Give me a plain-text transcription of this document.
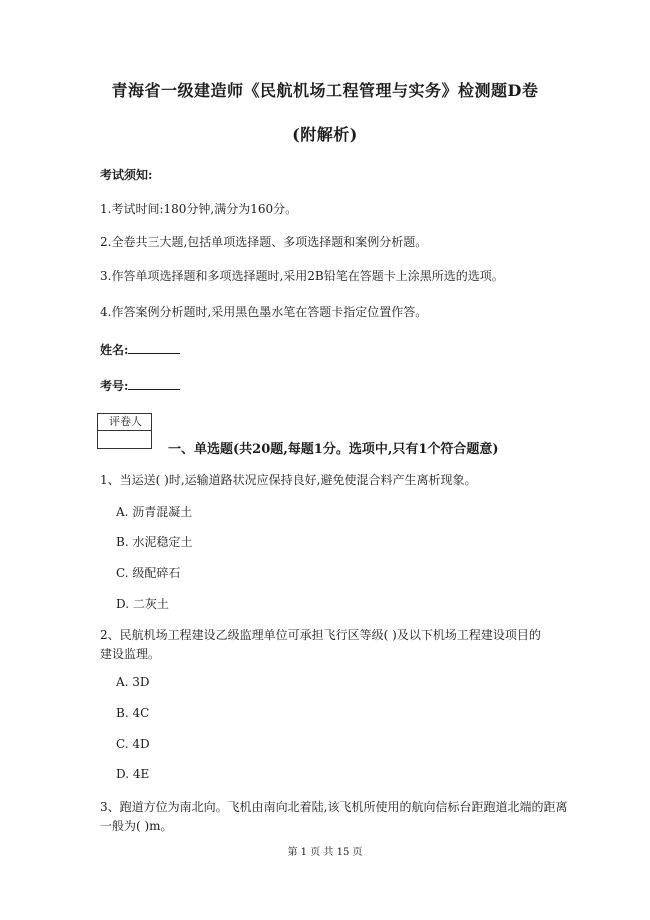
青海省一级建造师《民航机场工程管理与实务》检测题D卷
(附解析)
考试须知:
1.考试时间:180分钟,满分为160分。
2.全卷共三大题,包括单项选择题、多项选择题和案例分析题。
3.作答单项选择题和多项选择题时,采用2B铅笔在答题卡上涂黑所选的选项。
4.作答案例分析题时,采用黑色墨水笔在答题卡指定位置作答。
姓名:
考号:
评卷人
一、单选题(共20题,每题1分。选项中,只有1个符合题意)
1、当运送( )时,运输道路状况应保持良好,避免使混合料产生离析现象。
A. 沥青混凝土
B. 水泥稳定土
C. 级配碎石
D. 二灰土
2、民航机场工程建设乙级监理单位可承担飞行区等级( )及以下机场工程建设项目的
建设监理。
A. 3D
B. 4C
C. 4D
D. 4E
3、跑道方位为南北向。飞机由南向北着陆,该飞机所使用的航向信标台距跑道北端的距离
一般为( )m。
第 1 页 共 15 页
